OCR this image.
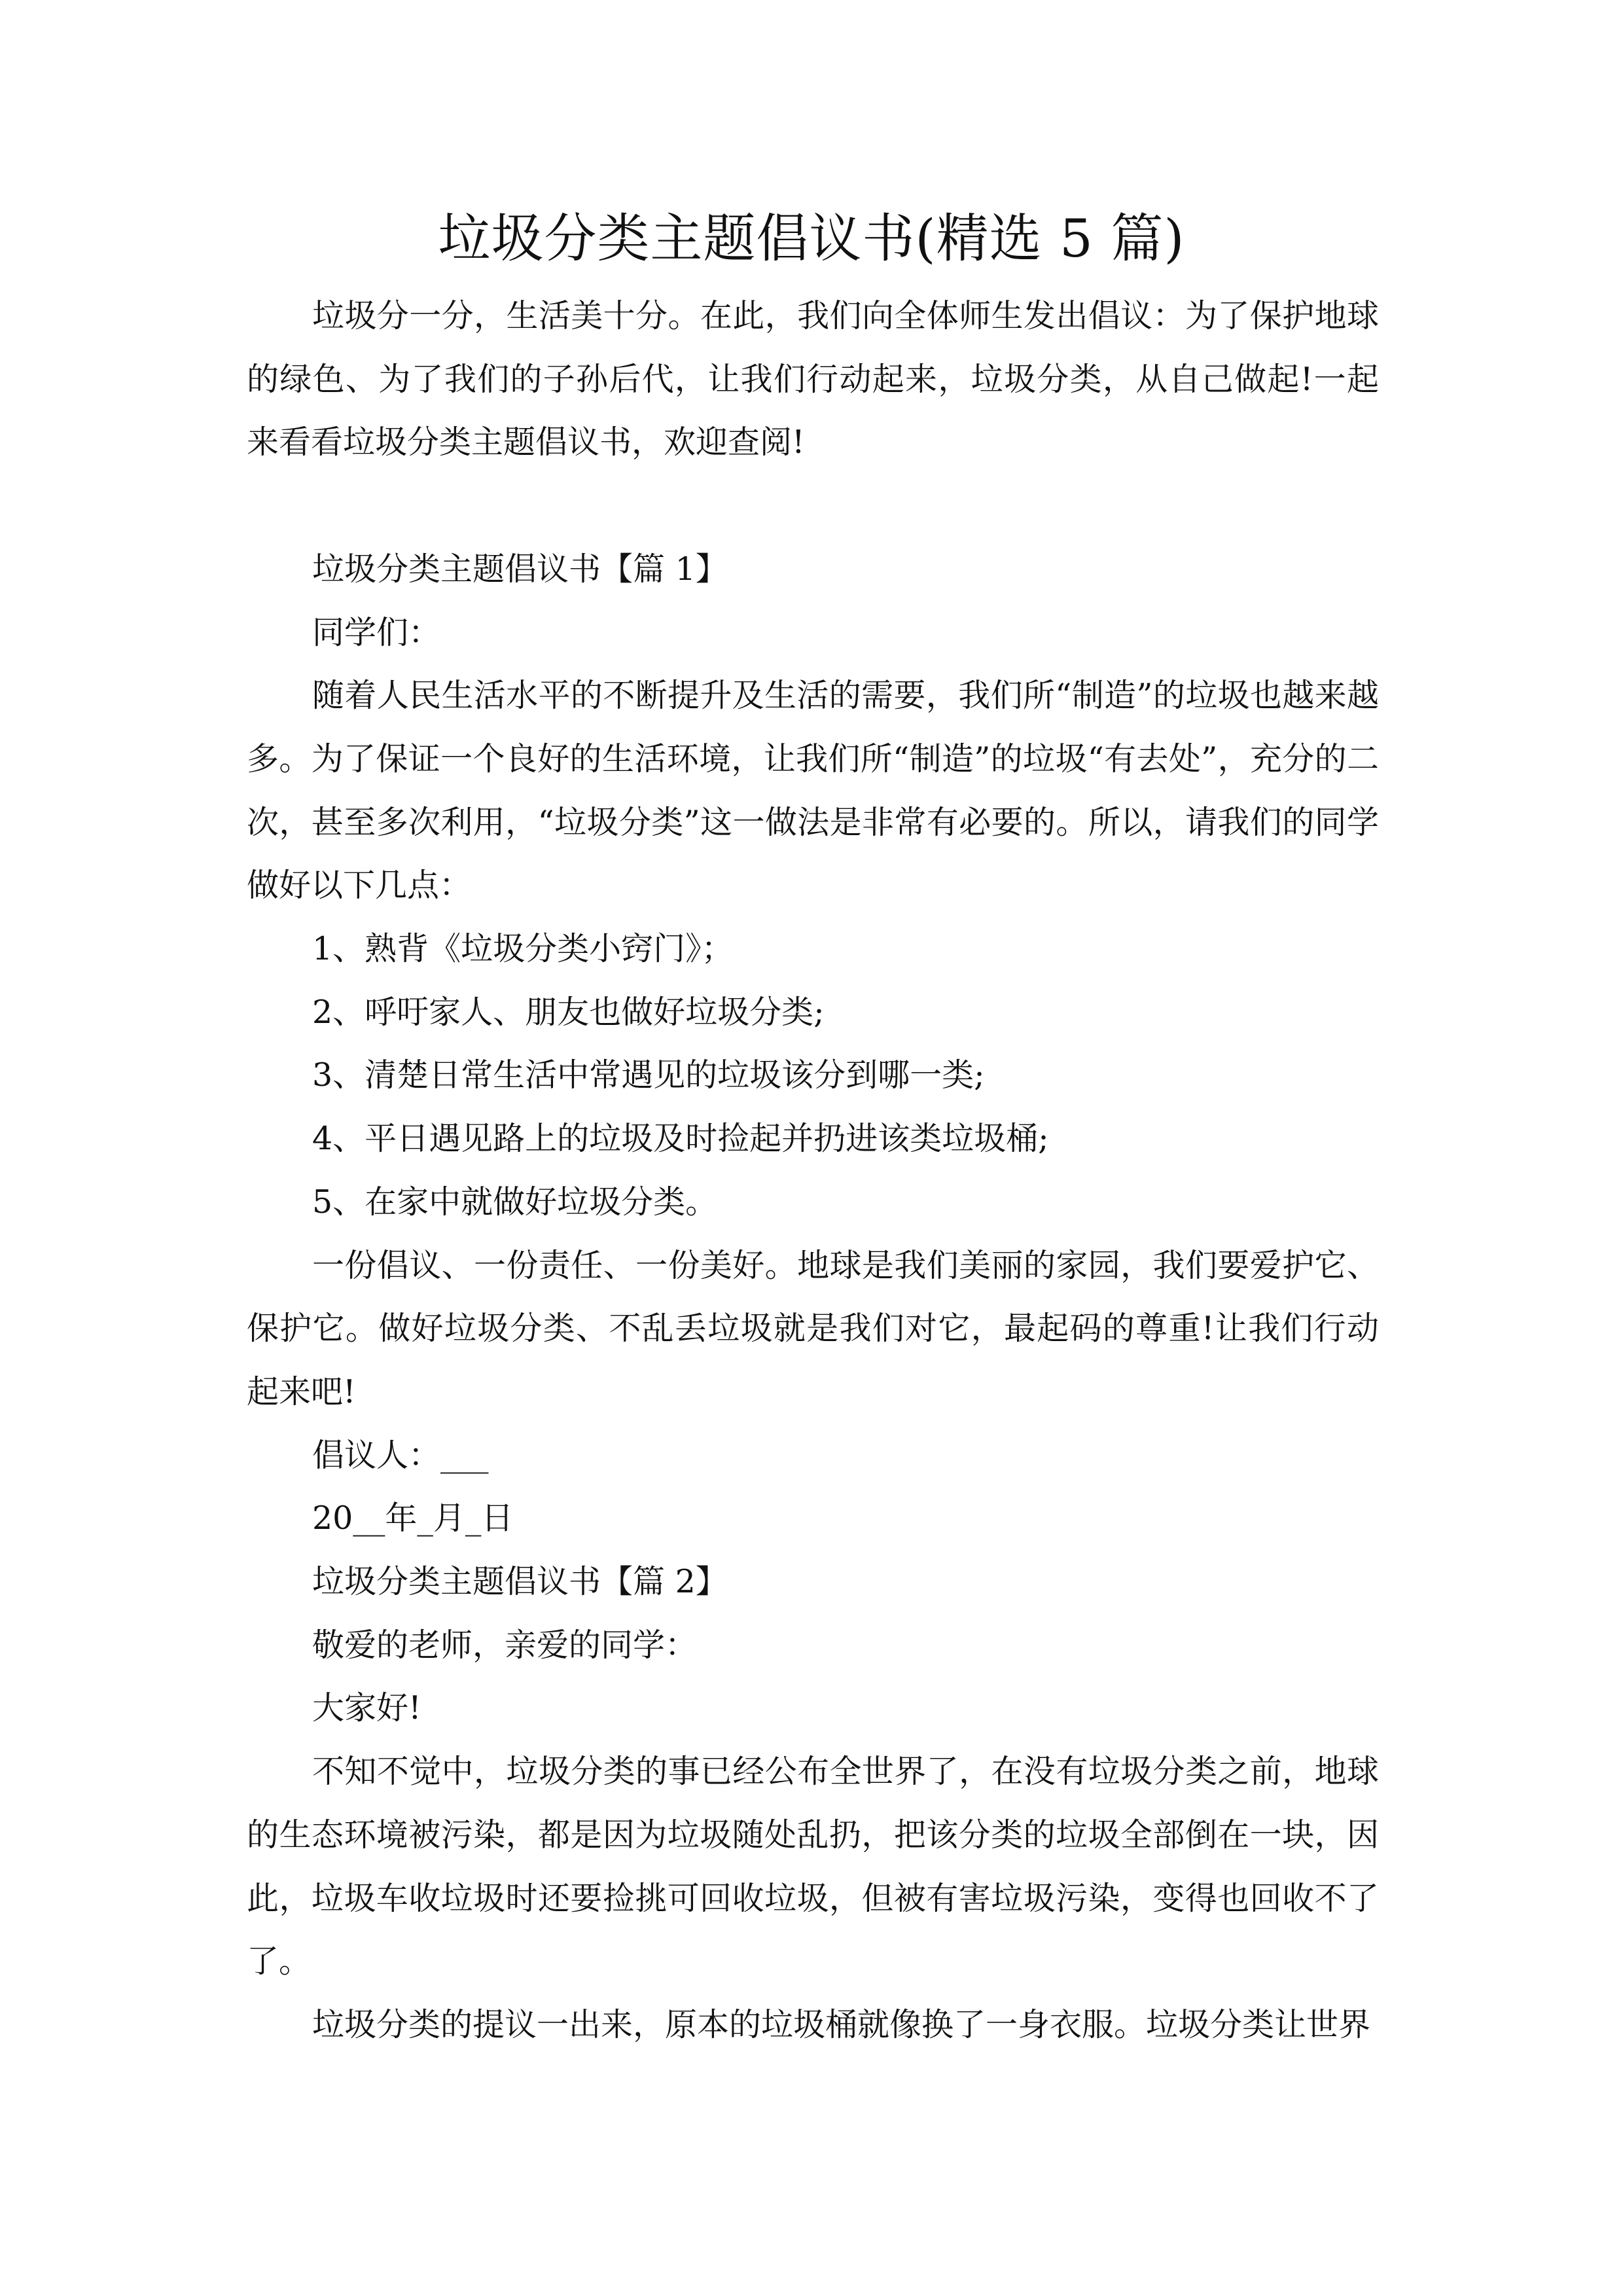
垃圾分类主题倡议书(精选 5 篇)

垃圾分一分，生活美十分。在此，我们向全体师生发出倡议：为了保护地球的绿色、为了我们的子孙后代，让我们行动起来，垃圾分类，从自己做起!一起来看看垃圾分类主题倡议书，欢迎查阅!

垃圾分类主题倡议书【篇 1】

同学们：

随着人民生活水平的不断提升及生活的需要，我们所“制造”的垃圾也越来越多。为了保证一个良好的生活环境，让我们所“制造”的垃圾“有去处”，充分的二次，甚至多次利用，“垃圾分类”这一做法是非常有必要的。所以，请我们的同学做好以下几点：

1、熟背《垃圾分类小窍门》；

2、呼吁家人、朋友也做好垃圾分类;

3、清楚日常生活中常遇见的垃圾该分到哪一类;

4、平日遇见路上的垃圾及时捡起并扔进该类垃圾桶;

5、在家中就做好垃圾分类。

一份倡议、一份责任、一份美好。地球是我们美丽的家园，我们要爱护它、保护它。做好垃圾分类、不乱丢垃圾就是我们对它，最起码的尊重!让我们行动起来吧!

倡议人：___

20__年_月_日

垃圾分类主题倡议书【篇 2】

敬爱的老师，亲爱的同学：

大家好!

不知不觉中，垃圾分类的事已经公布全世界了，在没有垃圾分类之前，地球的生态环境被污染，都是因为垃圾随处乱扔，把该分类的垃圾全部倒在一块，因此，垃圾车收垃圾时还要捡挑可回收垃圾，但被有害垃圾污染，变得也回收不了了。

垃圾分类的提议一出来，原本的垃圾桶就像换了一身衣服。垃圾分类让世界
